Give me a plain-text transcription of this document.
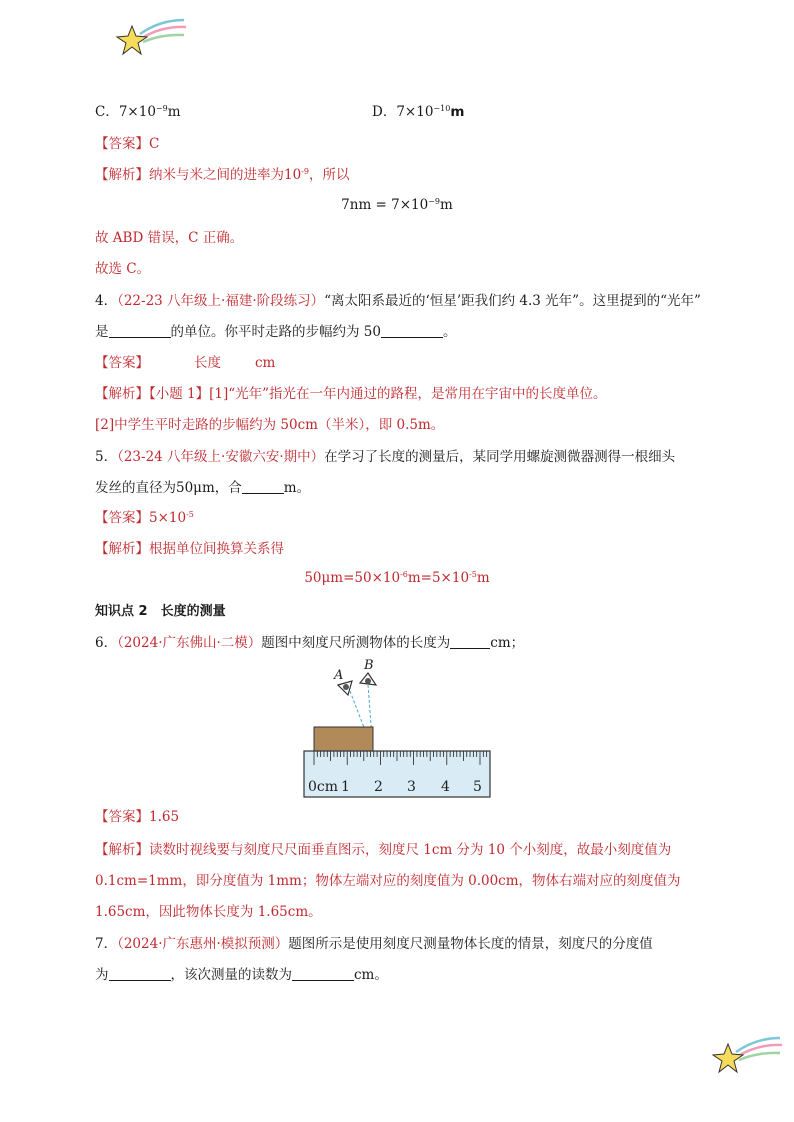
C．$7\times 10^{-9}m$	D．$7\times 10^{-10}m$
【答案】C
【解析】纳米与米之间的进率为$10^{-9}$，所以
$7nm = 7\times 10^{-9}m$
故 ABD 错误，C 正确。
故选 C。
4．（22-23 八年级上·福建·阶段练习）“离太阳系最近的‘恒星’距我们约 4.3 光年”。这里提到的“光年”
是	的单位。你平时走路的步幅约为 50	。
【答案】	长度	cm
【解析】【小题 1】[1]“光年”指光在一年内通过的路程，是常用在宇宙中的长度单位。
[2]中学生平时走路的步幅约为 50cm（半米），即 0.5m。
5．（23-24 八年级上·安徽六安·期中）在学习了长度的测量后，某同学用螺旋测微器测得一根细头
发丝的直径为50μm，合	m。
【答案】$5\times 10^{-5}$
【解析】根据单位间换算关系得
$50\mu m=50\times 10^{-6}m=5\times 10^{-5}m$
知识点 2　长度的测量
6．（2024·广东佛山·二模）题图中刻度尺所测物体的长度为	cm；
A
B
0cm 1 2 3 4 5
【答案】1.65
【解析】读数时视线要与刻度尺尺面垂直图示，刻度尺 1cm 分为 10 个小刻度，故最小刻度值为
0.1cm=1mm，即分度值为 1mm；物体左端对应的刻度值为 0.00cm，物体右端对应的刻度值为
1.65cm，因此物体长度为 1.65cm。
7．（2024·广东惠州·模拟预测）题图所示是使用刻度尺测量物体长度的情景，刻度尺的分度值
为	，该次测量的读数为	cm。
